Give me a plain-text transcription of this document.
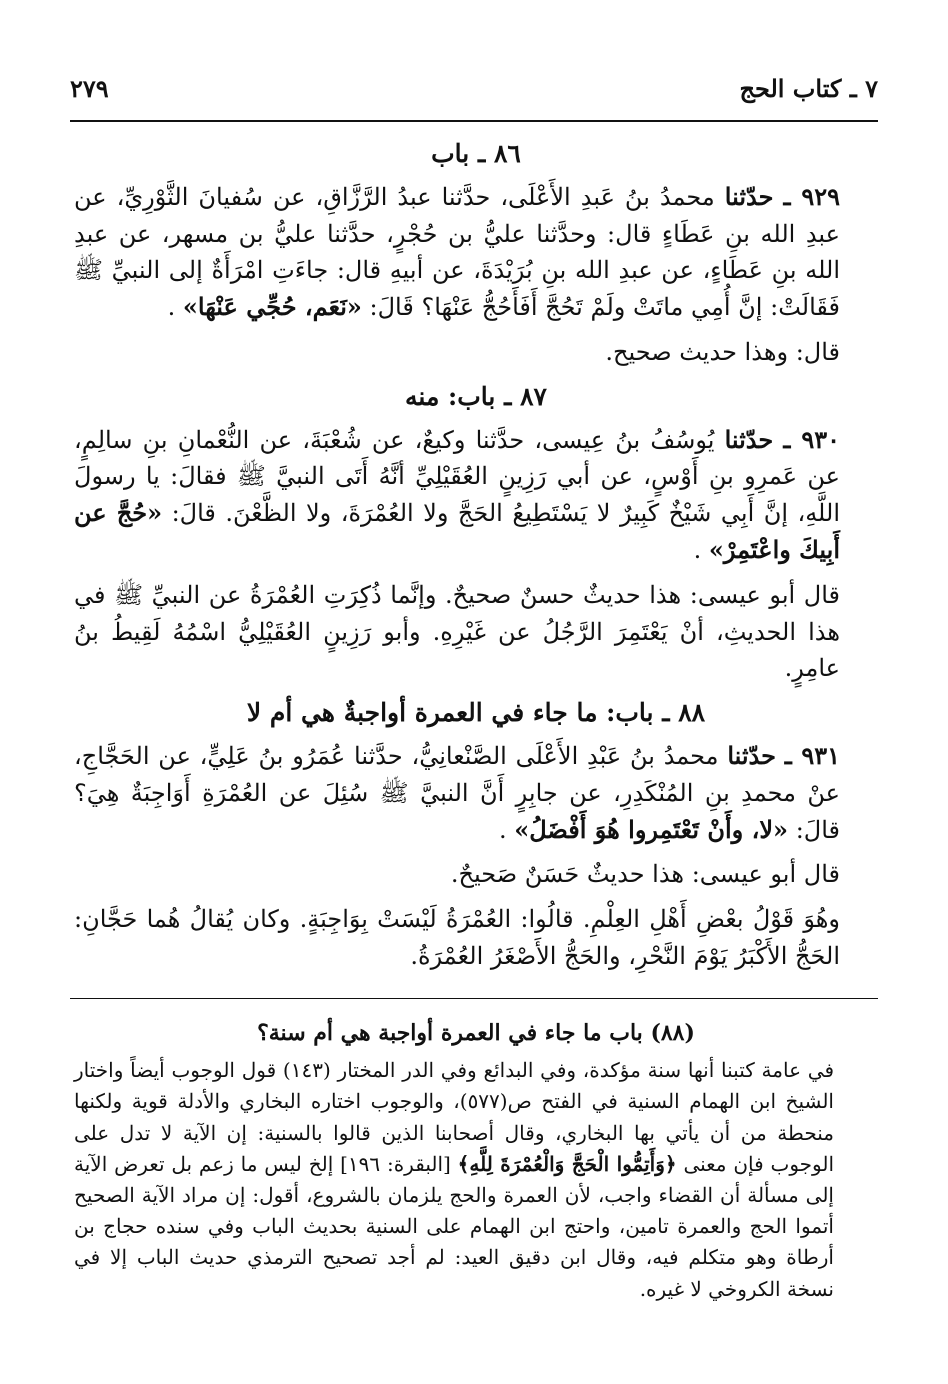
٧ ـ كتاب الحج
٢٧٩
٨٦ ـ باب

٩٢٩ ـ حدّثنا محمدُ بنُ عَبدِ الأَعْلَى، حدَّثنا عبدُ الرَّزَّاقِ، عن سُفيانَ الثَّوْرِيِّ، عن عبدِ الله بنِ عَطَاءٍ قال: وحدَّثنا عليُّ بن حُجْرٍ، حدَّثنا عليُّ بن مسهر، عن عبدِ الله بنِ عَطَاءٍ، عن عبدِ الله بنِ بُرَيْدَةَ، عن أبيهِ قال: جاءَتِ امْرَأَةٌ إلى النبيِّ ﷺ فَقَالَتْ: إنَّ أُمِي ماتَتْ ولَمْ تَحُجَّ أَفَأَحُجُّ عَنْهَا؟ قَالَ: «نَعَم، حُجِّي عَنْهَا» .

قال: وهذا حديث صحيح.

٨٧ ـ باب: منه

٩٣٠ ـ حدّثنا يُوسُفُ بنُ عِيسى، حدَّثنا وكيعٌ، عن شُعْبَةَ، عن النُّعْمانِ بنِ سالِمٍ، عن عَمرِو بنِ أَوْسٍ، عن أبي رَزِينٍ العُقَيْلِيِّ أنَّهُ أَتَى النبيَّ ﷺ فقالَ: يا رسولَ اللَّهِ، إنَّ أَبِي شَيْخٌ كَبِيرٌ لا يَسْتَطِيعُ الحَجَّ ولا العُمْرَةَ، ولا الظَّعْنَ. قالَ: «حُجَّ عن أَبِيكَ واعْتَمِرْ» .

قال أبو عيسى: هذا حديثٌ حسنٌ صحيحٌ. وإنَّما ذُكِرَتِ العُمْرَةُ عن النبيِّ ﷺ في هذا الحديثِ، أنْ يَعْتَمِرَ الرَّجُلُ عن غَيْرِهِ. وأبو رَزِينٍ العُقَيْلِيُّ اسْمُهُ لَقِيطُ بنُ عامِرٍ.

٨٨ ـ باب: ما جاء في العمرة أواجبةٌ هي أم لا

٩٣١ ـ حدّثنا محمدُ بنُ عَبْدِ الأَعْلَى الصَّنْعانِيُّ، حدَّثنا عُمَرُو بنُ عَلِيٍّ، عن الحَجَّاجِ، عنْ محمدِ بنِ المُنْكَدِرِ، عن جابِرٍ أَنَّ النبيَّ ﷺ سُئِلَ عن العُمْرَةِ أَوَاجِبَةٌ هِيَ؟ قالَ: «لا، وأَنْ تَعْتَمِروا هُوَ أَفْضَلُ» .

قال أبو عيسى: هذا حديثٌ حَسَنٌ صَحيحٌ.

وهُوَ قَوْلُ بعْضِ أَهْلِ العِلْمِ. قالُوا: العُمْرَةُ لَيْسَتْ بِوَاجِبَةٍ. وكان يُقالُ هُما حَجَّانِ: الحَجُّ الأَكْبَرُ يَوْمَ النَّحْرِ، والحَجُّ الأَصْغَرُ العُمْرَةُ.

(٨٨) باب ما جاء في العمرة أواجبة هي أم سنة؟

في عامة كتبنا أنها سنة مؤكدة، وفي البدائع وفي الدر المختار (١٤٣) قول الوجوب أيضاً واختار الشيخ ابن الهمام السنية في الفتح ص(٥٧٧)، والوجوب اختاره البخاري والأدلة قوية ولكنها منحطة من أن يأتي بها البخاري، وقال أصحابنا الذين قالوا بالسنية: إن الآية لا تدل على الوجوب فإن معنى ﴿وَأَتِمُّوا الْحَجَّ وَالْعُمْرَةَ لِلَّهِ﴾ [البقرة: ١٩٦] إلخ ليس ما زعم بل تعرض الآية إلى مسألة أن القضاء واجب، لأن العمرة والحج يلزمان بالشروع، أقول: إن مراد الآية الصحيح أتموا الحج والعمرة تامين، واحتج ابن الهمام على السنية بحديث الباب وفي سنده حجاج بن أرطاة وهو متكلم فيه، وقال ابن دقيق العيد: لم أجد تصحيح الترمذي حديث الباب إلا في نسخة الكروخي لا غيره.
